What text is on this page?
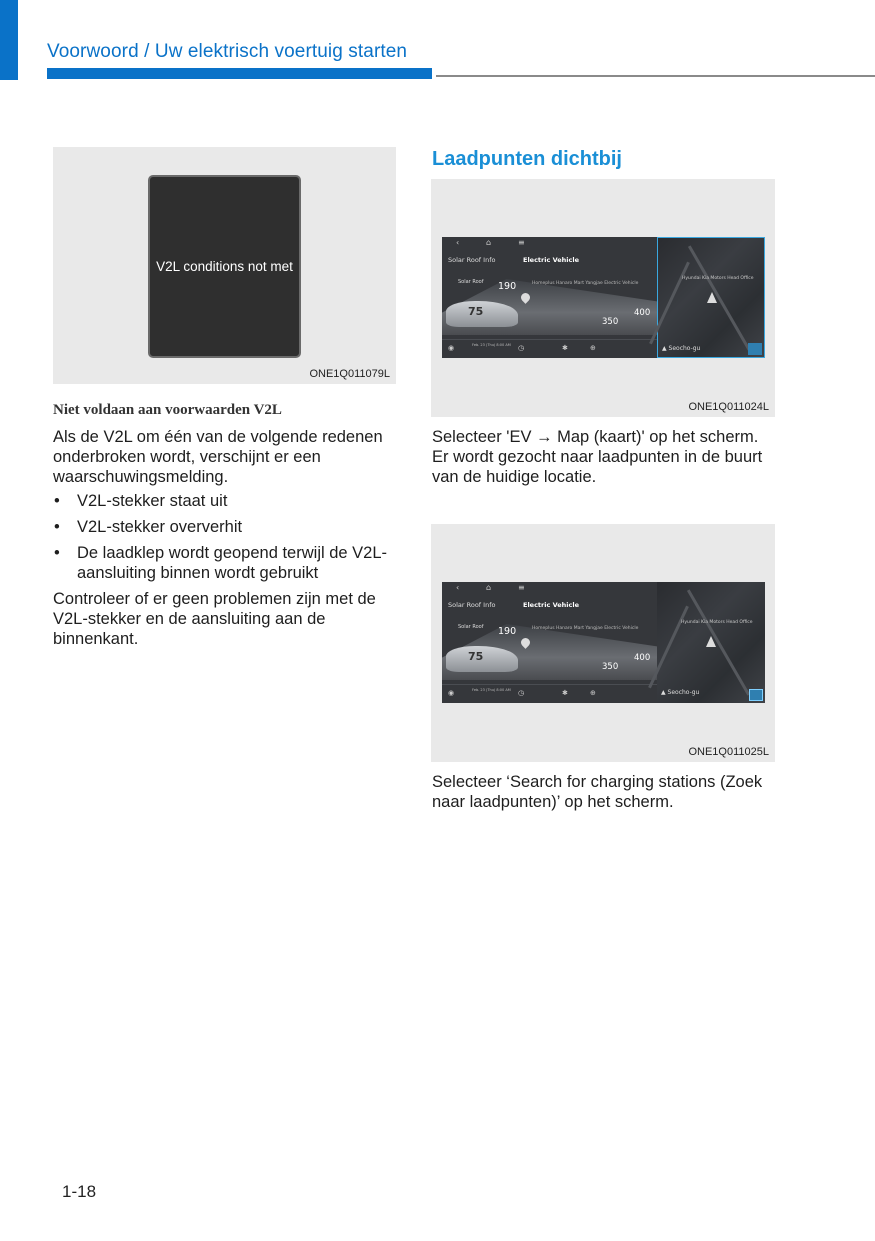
Voorwoord / Uw elektrisch voertuig starten
V2L conditions not met
ONE1Q011079L
Niet voldaan aan voorwaarden V2L
Als de V2L om één van de volgende redenen onderbroken wordt, verschijnt er een waarschuwingsmelding.
• V2L-stekker staat uit
• V2L-stekker oververhit
• De laadklep wordt geopend terwijl de V2L-aansluiting binnen wordt gebruikt
Controleer of er geen problemen zijn met de V2L-stekker en de aansluiting aan de binnenkant.
Laadpunten dichtbij
‹	⌂	≡
Solar Roof Info	Electric Vehicle
Solar Roof
75
190	Homeplus Hanaro Mart Yangjae Electric Vehicle
400
350
◉	Feb. 23 (Thu) 8:00 AM ◷	✱	⊕
Hyundai Kia Motors Head Office
▲ Seocho-gu
ONE1Q011024L
Selecteer 'EV → Map (kaart)' op het scherm. Er wordt gezocht naar laadpunten in de buurt van de huidige locatie.
‹	⌂	≡
Solar Roof Info	Electric Vehicle
Solar Roof
75
190	Homeplus Hanaro Mart Yangjae Electric Vehicle
400
350
◉	Feb. 23 (Thu) 8:00 AM ◷	✱	⊕
Hyundai Kia Motors Head Office
▲ Seocho-gu
ONE1Q011025L
Selecteer ‘Search for charging stations (Zoek naar laadpunten)’ op het scherm.
1-18
